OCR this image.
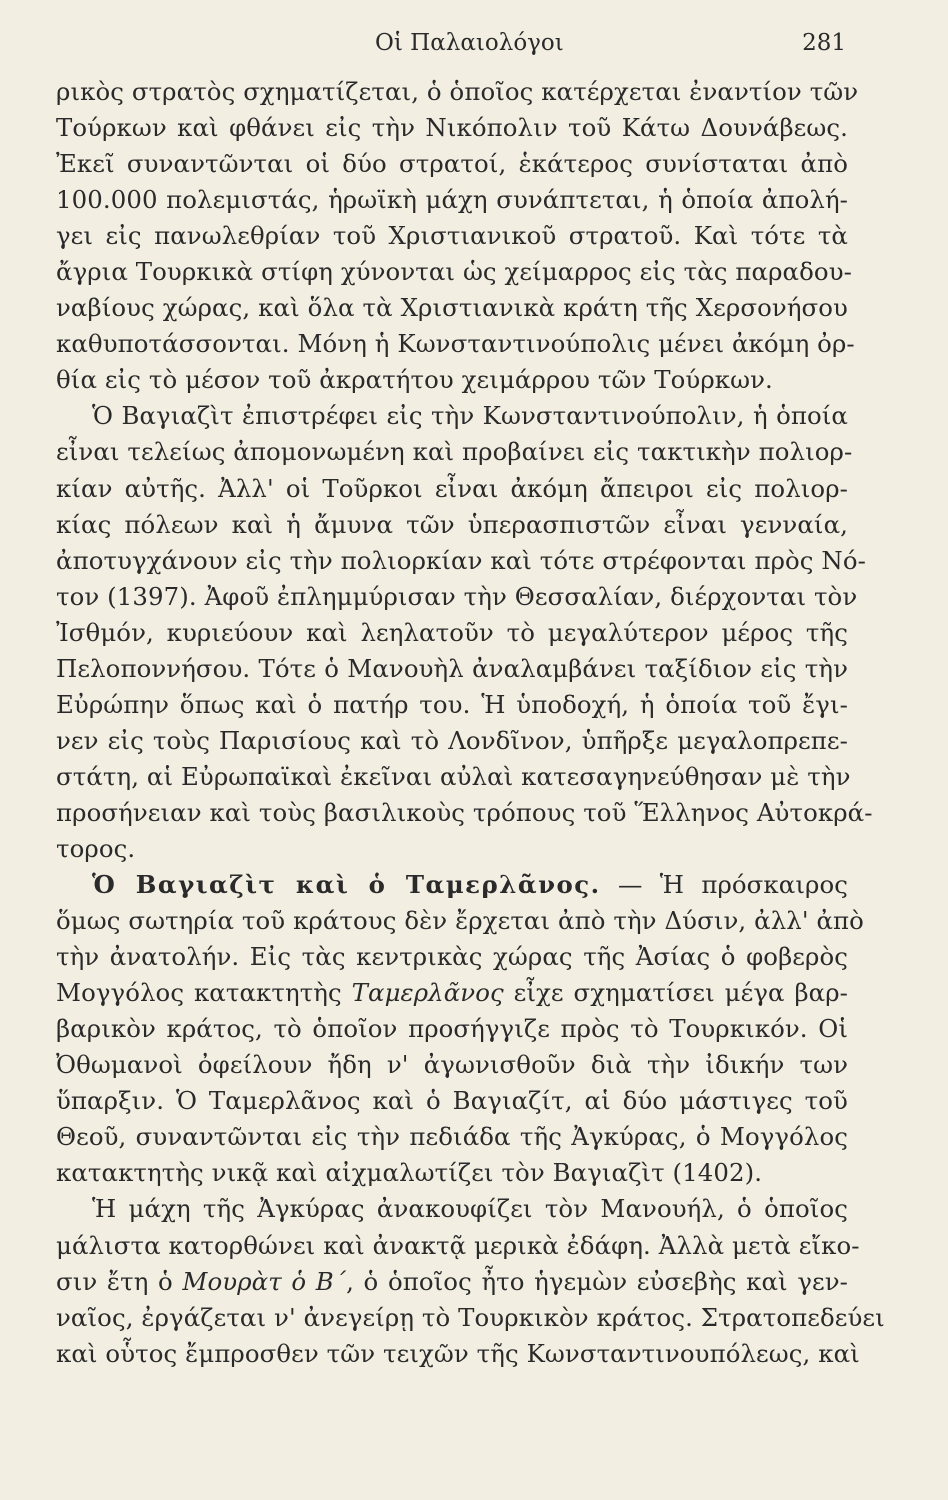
Οἱ Παλαιολόγοι	281
ρικὸς στρατὸς σχηματίζεται, ὁ ὁποῖος κατέρχεται ἐναντίον τῶν
Τούρκων καὶ φθάνει εἰς τὴν Νικόπολιν τοῦ Κάτω Δουνάβεως.
Ἐκεῖ συναντῶνται οἱ δύο στρατοί, ἑκάτερος συνίσταται ἀπὸ
100.000 πολεμιστάς, ἡρωϊκὴ μάχη συνάπτεται, ἡ ὁποία ἀπολή-
γει εἰς πανωλεθρίαν τοῦ Χριστιανικοῦ στρατοῦ. Καὶ τότε τὰ
ἄγρια Τουρκικὰ στίφη χύνονται ὡς χείμαρρος εἰς τὰς παραδου-
ναβίους χώρας, καὶ ὅλα τὰ Χριστιανικὰ κράτη τῆς Χερσονήσου
καθυποτάσσονται. Μόνη ἡ Κωνσταντινούπολις μένει ἀκόμη ὀρ-
θία εἰς τὸ μέσον τοῦ ἀκρατήτου χειμάρρου τῶν Τούρκων.
Ὁ Βαγιαζὶτ ἐπιστρέφει εἰς τὴν Κωνσταντινούπολιν, ἡ ὁποία
εἶναι τελείως ἀπομονωμένη καὶ προβαίνει εἰς τακτικὴν πολιορ-
κίαν αὐτῆς. Ἀλλ' οἱ Τοῦρκοι εἶναι ἀκόμη ἄπειροι εἰς πολιορ-
κίας πόλεων καὶ ἡ ἄμυνα τῶν ὑπερασπιστῶν εἶναι γενναία,
ἀποτυγχάνουν εἰς τὴν πολιορκίαν καὶ τότε στρέφονται πρὸς Νό-
τον (1397). Ἀφοῦ ἐπλημμύρισαν τὴν Θεσσαλίαν, διέρχονται τὸν
Ἰσθμόν, κυριεύουν καὶ λεηλατοῦν τὸ μεγαλύτερον μέρος τῆς
Πελοποννήσου. Τότε ὁ Μανουὴλ ἀναλαμβάνει ταξίδιον εἰς τὴν
Εὐρώπην ὅπως καὶ ὁ πατήρ του. Ἡ ὑποδοχή, ἡ ὁποία τοῦ ἔγι-
νεν εἰς τοὺς Παρισίους καὶ τὸ Λονδῖνον, ὑπῆρξε μεγαλοπρεπε-
στάτη, αἱ Εὐρωπαϊκαὶ ἐκεῖναι αὐλαὶ κατεσαγηνεύθησαν μὲ τὴν
προσήνειαν καὶ τοὺς βασιλικοὺς τρόπους τοῦ Ἕλληνος Αὐτοκρά-
τορος.
Ὁ Βαγιαζὶτ καὶ ὁ Ταμερλᾶνος. — Ἡ πρόσκαιρος
ὅμως σωτηρία τοῦ κράτους δὲν ἔρχεται ἀπὸ τὴν Δύσιν, ἀλλ' ἀπὸ
τὴν ἀνατολήν. Εἰς τὰς κεντρικὰς χώρας τῆς Ἀσίας ὁ φοβερὸς
Μογγόλος κατακτητὴς Ταμερλᾶνος εἶχε σχηματίσει μέγα βαρ-
βαρικὸν κράτος, τὸ ὁποῖον προσήγγιζε πρὸς τὸ Τουρκικόν. Οἱ
Ὀθωμανοὶ ὀφείλουν ἤδη ν' ἀγωνισθοῦν διὰ τὴν ἰδικήν των
ὕπαρξιν. Ὁ Ταμερλᾶνος καὶ ὁ Βαγιαζίτ, αἱ δύο μάστιγες τοῦ
Θεοῦ, συναντῶνται εἰς τὴν πεδιάδα τῆς Ἀγκύρας, ὁ Μογγόλος
κατακτητὴς νικᾷ καὶ αἰχμαλωτίζει τὸν Βαγιαζὶτ (1402).
Ἡ μάχη τῆς Ἀγκύρας ἀνακουφίζει τὸν Μανουήλ, ὁ ὁποῖος
μάλιστα κατορθώνει καὶ ἀνακτᾷ μερικὰ ἐδάφη. Ἀλλὰ μετὰ εἴκο-
σιν ἔτη ὁ Μουρὰτ ὁ Β΄, ὁ ὁποῖος ἦτο ἡγεμὼν εὐσεβὴς καὶ γεν-
ναῖος, ἐργάζεται ν' ἀνεγείρῃ τὸ Τουρκικὸν κράτος. Στρατοπεδεύει
καὶ οὗτος ἔμπροσθεν τῶν τειχῶν τῆς Κωνσταντινουπόλεως, καὶ
